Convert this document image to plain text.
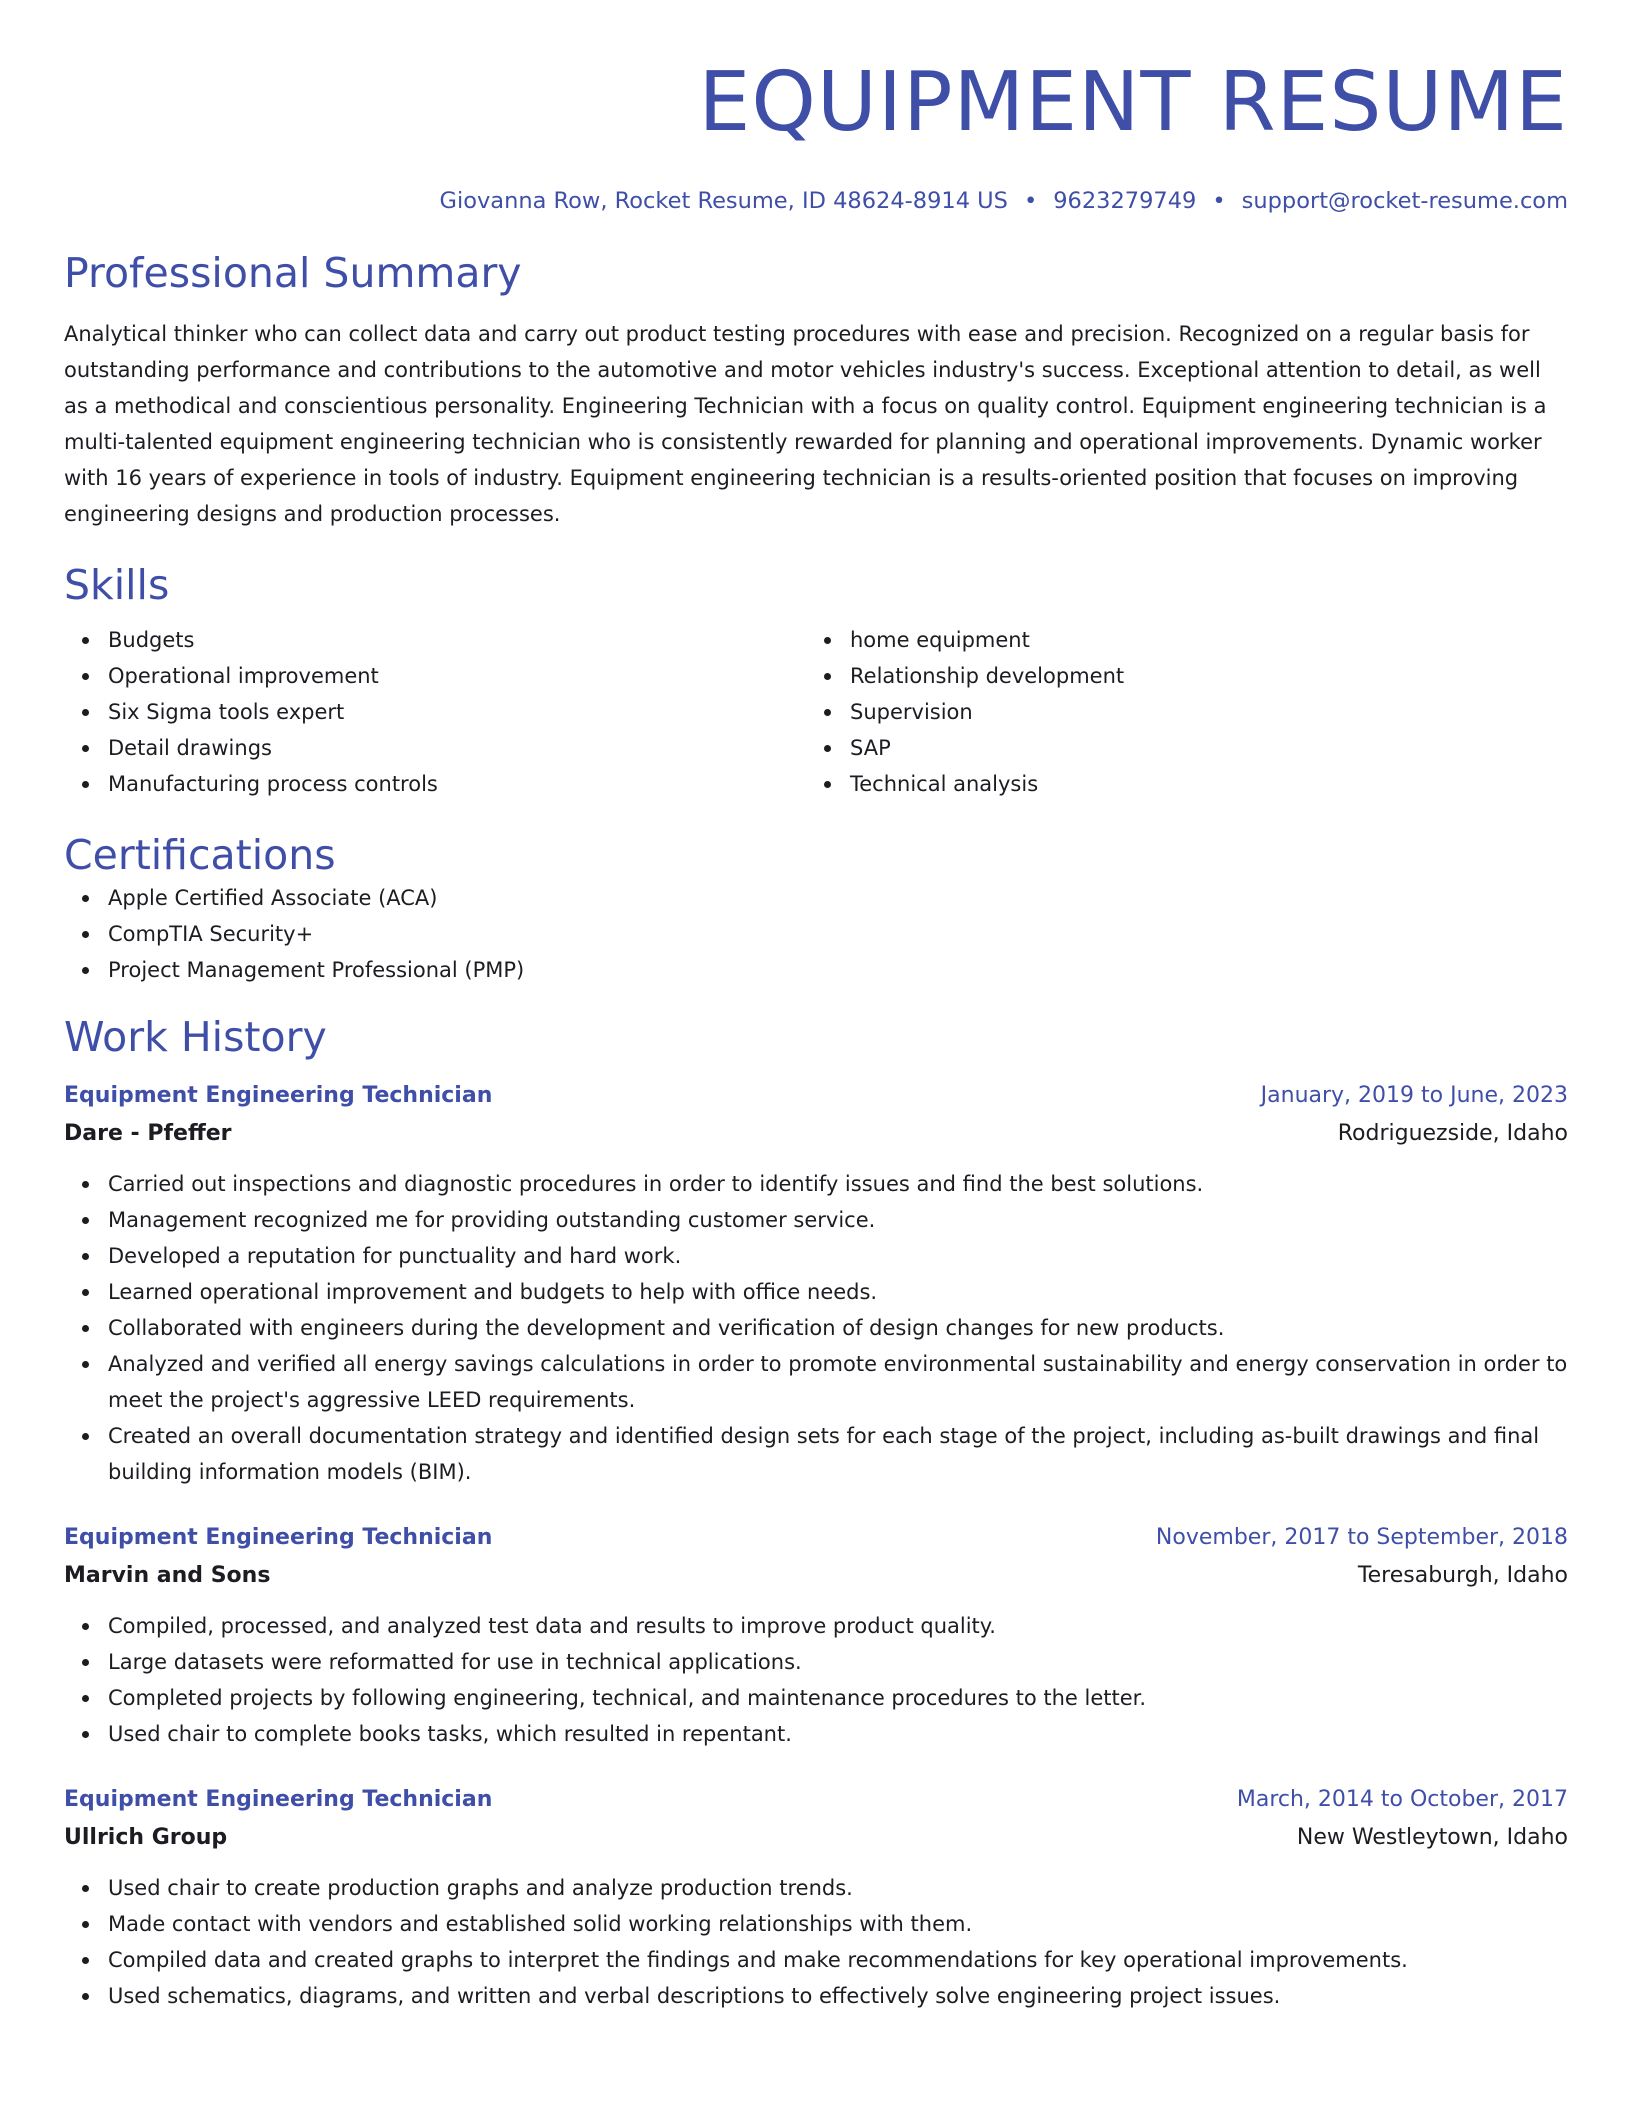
EQUIPMENT RESUME
Giovanna Row, Rocket Resume, ID 48624-8914 US • 9623279749 • support@rocket-resume.com
Professional Summary

Analytical thinker who can collect data and carry out product testing procedures with ease and precision. Recognized on a regular basis for outstanding performance and contributions to the automotive and motor vehicles industry's success. Exceptional attention to detail, as well as a methodical and conscientious personality. Engineering Technician with a focus on quality control. Equipment engineering technician is a multi-talented equipment engineering technician who is consistently rewarded for planning and operational improvements. Dynamic worker with 16 years of experience in tools of industry. Equipment engineering technician is a results-oriented position that focuses on improving engineering designs and production processes.

Skills
Budgets
Operational improvement
Six Sigma tools expert
Detail drawings
Manufacturing process controls
home equipment
Relationship development
Supervision
SAP
Technical analysis
Certifications
Apple Certified Associate (ACA)
CompTIA Security+
Project Management Professional (PMP)
Work History
Equipment Engineering Technician	January, 2019 to June, 2023
Dare - Pfeffer	Rodriguezside, Idaho
Carried out inspections and diagnostic procedures in order to identify issues and find the best solutions.
Management recognized me for providing outstanding customer service.
Developed a reputation for punctuality and hard work.
Learned operational improvement and budgets to help with office needs.
Collaborated with engineers during the development and verification of design changes for new products.
Analyzed and verified all energy savings calculations in order to promote environmental sustainability and energy conservation in order to meet the project's aggressive LEED requirements.
Created an overall documentation strategy and identified design sets for each stage of the project, including as-built drawings and final building information models (BIM).
Equipment Engineering Technician	November, 2017 to September, 2018
Marvin and Sons	Teresaburgh, Idaho
Compiled, processed, and analyzed test data and results to improve product quality.
Large datasets were reformatted for use in technical applications.
Completed projects by following engineering, technical, and maintenance procedures to the letter.
Used chair to complete books tasks, which resulted in repentant.
Equipment Engineering Technician	March, 2014 to October, 2017
Ullrich Group	New Westleytown, Idaho
Used chair to create production graphs and analyze production trends.
Made contact with vendors and established solid working relationships with them.
Compiled data and created graphs to interpret the findings and make recommendations for key operational improvements.
Used schematics, diagrams, and written and verbal descriptions to effectively solve engineering project issues.
